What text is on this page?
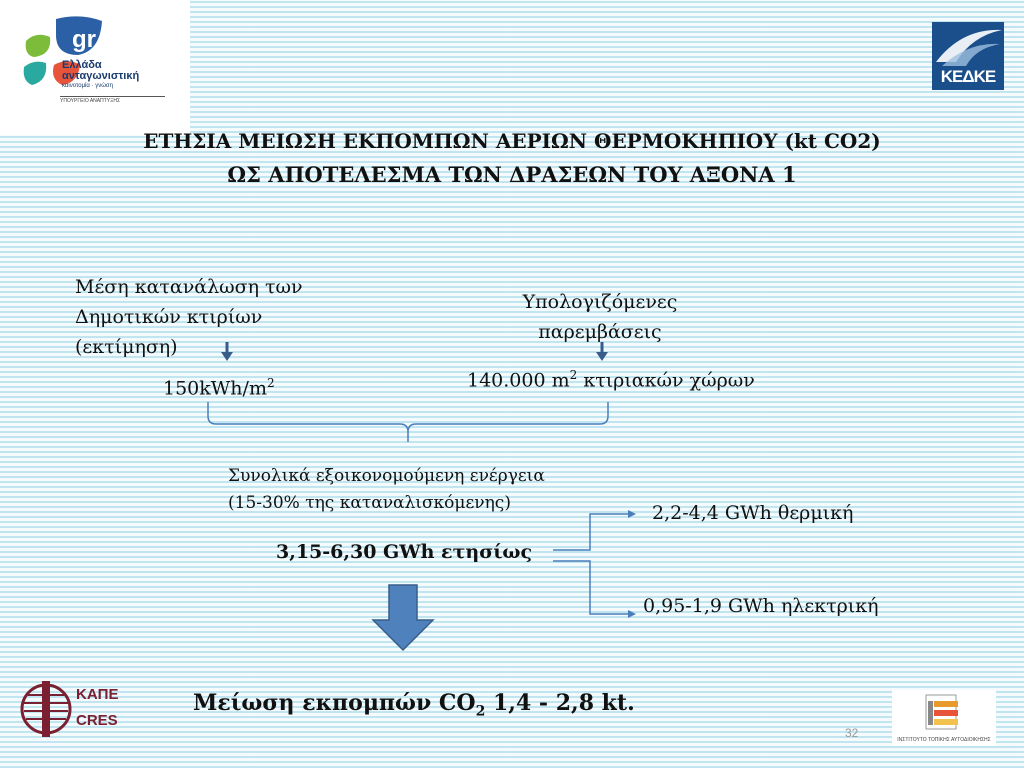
gr
Ελλάδα
ανταγωνιστική
καινοτομία · γνώση
ΥΠΟΥΡΓΕΙΟ ΑΝΑΠΤΥΞΗΣ
ΚΕΔΚΕ
ΕΤΗΣΙΑ ΜΕΙΩΣΗ ΕΚΠΟΜΠΩΝ ΑΕΡΙΩΝ ΘΕΡΜΟΚΗΠΙΟΥ (kt CO2)
ΩΣ ΑΠΟΤΕΛΕΣΜΑ ΤΩΝ ΔΡΑΣΕΩΝ ΤΟΥ ΑΞΟΝΑ 1
Μέση κατανάλωση των
Δημοτικών κτιρίων
(εκτίμηση)
$150kWh/m^2$
Υπολογιζόμενες
παρεμβάσεις
140.000 $m^2$ κτιριακών χώρων
Συνολικά εξοικονομούμενη ενέργεια
(15-30% της καταναλισκόμενης)
3,15-6,30 GWh ετησίως
2,2-4,4 GWh θερμική
0,95-1,9 GWh ηλεκτρική
Μείωση εκπομπών $CO_2$ 1,4 - 2,8 kt.
ΚΑΠΕ
CRES
32	ΙΝΣΤΙΤΟΥΤΟ ΤΟΠΙΚΗΣ ΑΥΤΟΔΙΟΙΚΗΣΗΣ
